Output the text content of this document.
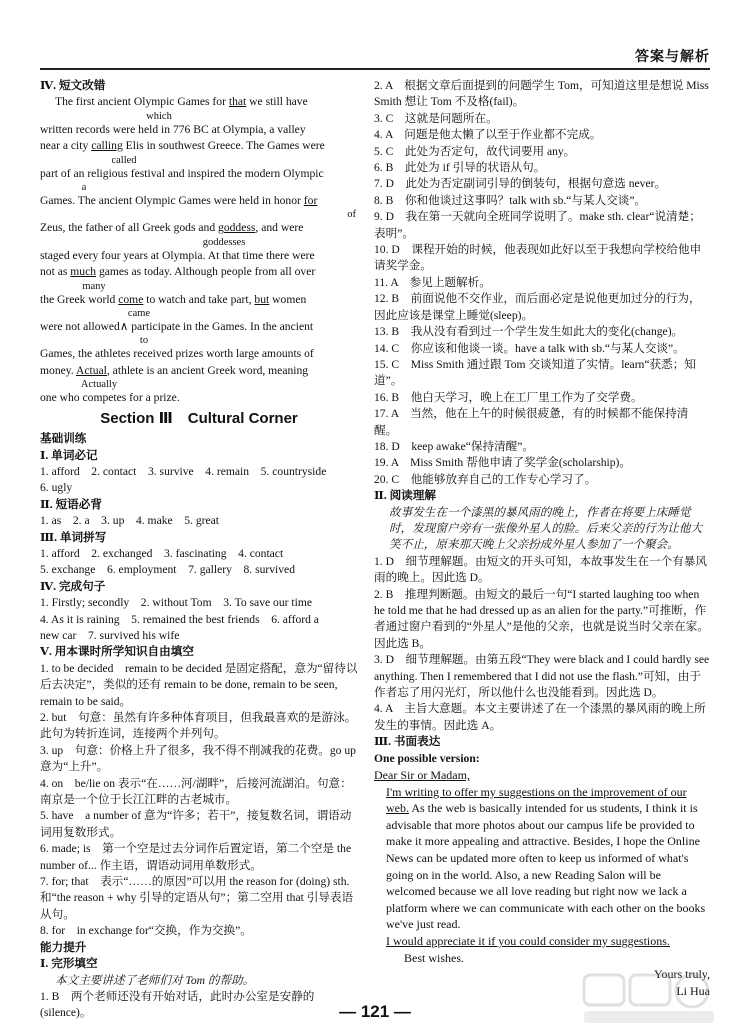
答案与解析
Ⅳ. 短文改错
The first ancient Olympic Games for that we still have
which
written records were held in 776 BC at Olympia, a valley
near a city calling Elis in southwest Greece. The Games were
called
part of an religious festival and inspired the modern Olympic
a
Games. The ancient Olympic Games were held in honor for
of
Zeus, the father of all Greek gods and goddess, and were
goddesses
staged every four years at Olympia. At that time there were
not as much games as today. Although people from all over
many
the Greek world come to watch and take part, but women
came
were not allowed∧ participate in the Games. In the ancient
to
Games, the athletes received prizes worth large amounts of
money. Actual, athlete is an ancient Greek word, meaning
Actually
one who competes for a prize.
Section Ⅲ　Cultural Corner
基础训练
Ⅰ. 单词必记
1. afford　2. contact　3. survive　4. remain　5. countryside
6. ugly
Ⅱ. 短语必背
1. as　2. a　3. up　4. make　5. great
Ⅲ. 单词拼写
1. afford　2. exchanged　3. fascinating　4. contact
5. exchange　6. employment　7. gallery　8. survived
Ⅳ. 完成句子
1. Firstly; secondly　2. without Tom　3. To save our time
4. As it is raining　5. remained the best friends　6. afford a
new car　7. survived his wife
Ⅴ. 用本课时所学知识自由填空
1. to be decided　remain to be decided 是固定搭配，意为“留待以后去决定”，类似的还有 remain to be done, remain to be seen, remain to be said。
2. but　句意：虽然有许多种体育项目，但我最喜欢的是游泳。此句为转折连词，连接两个并列句。
3. up　句意：价格上升了很多，我不得不削减我的花费。go up 意为“上升”。
4. on　be/lie on 表示“在……河/湖畔”，后接河流湖泊。句意：南京是一个位于长江江畔的古老城市。
5. have　a number of 意为“许多；若干”，接复数名词，谓语动词用复数形式。
6. made; is　第一个空是过去分词作后置定语，第二个空是 the number of... 作主语，谓语动词用单数形式。
7. for; that　表示“……的原因”可以用 the reason for (doing) sth. 和“the reason + why 引导的定语从句”；第二空用 that 引导表语从句。
8. for　in exchange for“交换，作为交换”。
能力提升
Ⅰ. 完形填空
本文主要讲述了老师们对 Tom 的帮助。
1. B　两个老师还没有开始对话，此时办公室是安静的(silence)。
2. A　根据文章后面提到的问题学生 Tom，可知道这里是想说 Miss Smith 想让 Tom 不及格(fail)。
3. C　这就是问题所在。
4. A　问题是他太懒了以至于作业都不完成。
5. C　此处为否定句，故代词要用 any。
6. B　此处为 if 引导的状语从句。
7. D　此处为否定副词引导的倒装句，根据句意选 never。
8. B　你和他谈过这事吗？talk with sb.“与某人交谈”。
9. D　我在第一天就向全班同学说明了。make sth. clear“说清楚；表明”。
10. D　课程开始的时候，他表现如此好以至于我想向学校给他申请奖学金。
11. A　参见上题解析。
12. B　前面说他不交作业，而后面必定是说他更加过分的行为，因此应该是课堂上睡觉(sleep)。
13. B　我从没有看到过一个学生发生如此大的变化(change)。
14. C　你应该和他谈一谈。have a talk with sb.“与某人交谈”。
15. C　Miss Smith 通过跟 Tom 交谈知道了实情。learn“获悉；知道”。
16. B　他白天学习，晚上在工厂里工作为了交学费。
17. A　当然，他在上午的时候很疲惫，有的时候都不能保持清醒。
18. D　keep awake“保持清醒”。
19. A　Miss Smith 帮他申请了奖学金(scholarship)。
20. C　他能够放弃自己的工作专心学习了。
Ⅱ. 阅读理解
故事发生在一个漆黑的暴风雨的晚上，作者在将要上床睡觉时，发现窗户旁有一张像外星人的脸。后来父亲的行为让他大笑不止，原来那天晚上父亲扮成外星人参加了一个聚会。
1. D　细节理解题。由短文的开头可知，本故事发生在一个有暴风雨的晚上。因此选 D。
2. B　推理判断题。由短文的最后一句“I started laughing too when he told me that he had dressed up as an alien for the party.”可推断，作者通过窗户看到的“外星人”是他的父亲，也就是说当时父亲在家。因此选 B。
3. D　细节理解题。由第五段“They were black and I could hardly see anything. Then I remembered that I did not use the flash.”可知，由于作者忘了用闪光灯，所以他什么也没能看到。因此选 D。
4. A　主旨大意题。本文主要讲述了在一个漆黑的暴风雨的晚上所发生的事情。因此选 A。
Ⅲ. 书面表达
One possible version:
Dear Sir or Madam,
I'm writing to offer my suggestions on the improvement of our web. As the web is basically intended for us students, I think it is advisable that more photos about our campus life be provided to make it more appealing and attractive. Besides, I hope the Online News can be updated more often to keep us informed of what's going on in the world. Also, a new Reading Salon will be welcomed because we all love reading but right now we lack a platform where we can communicate with each other on the books we've just read.
I would appreciate it if you could consider my suggestions.
Best wishes.
Yours truly,
Li Hua
— 121 —
